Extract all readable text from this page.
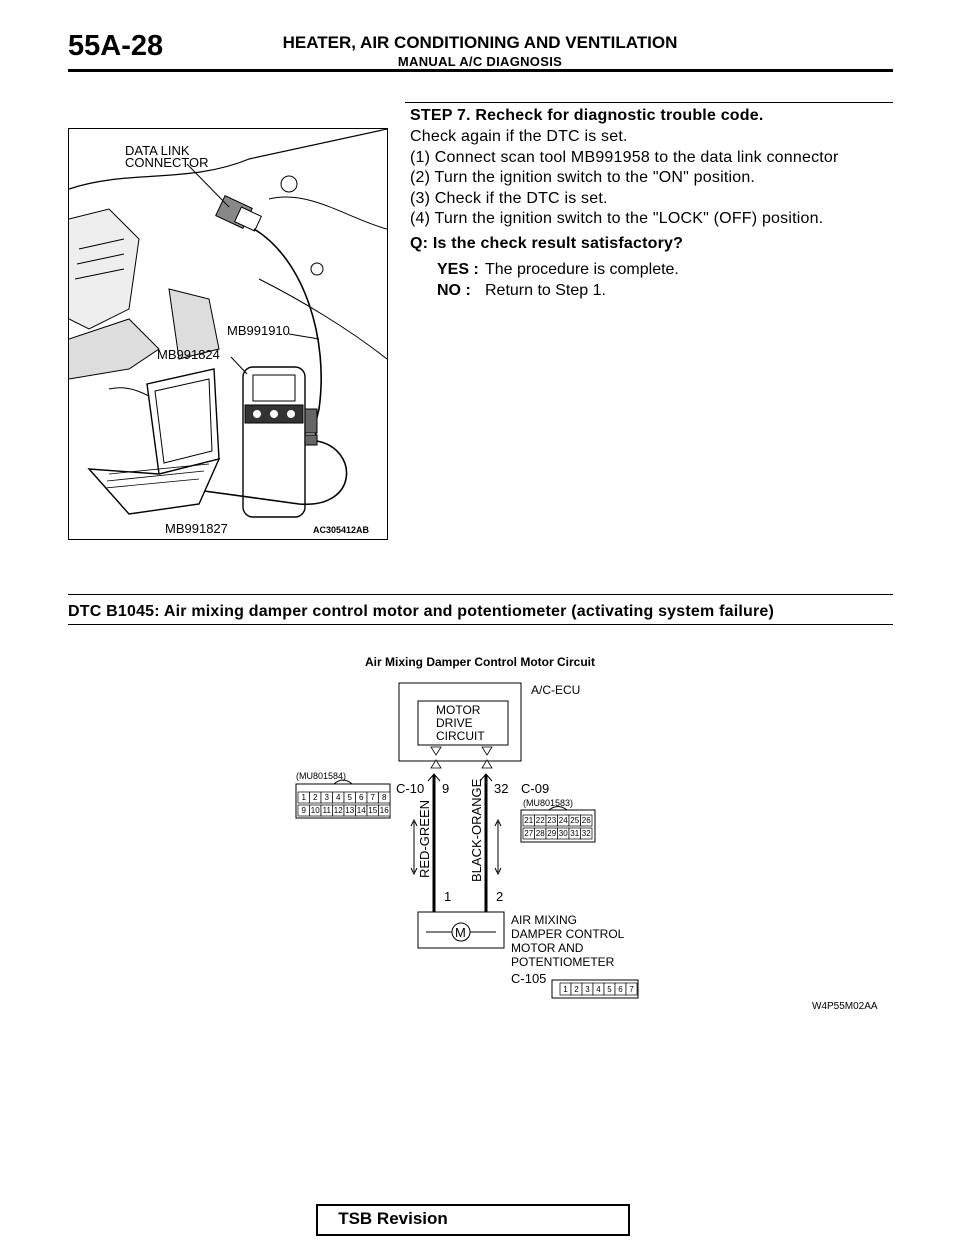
55A-28	HEATER, AIR CONDITIONING AND VENTILATION
MANUAL A/C DIAGNOSIS
STEP 7. Recheck for diagnostic trouble code.
Check again if the DTC is set.
(1) Connect scan tool MB991958 to the data link connector
(2) Turn the ignition switch to the "ON" position.
(3) Check if the DTC is set.
(4) Turn the ignition switch to the "LOCK" (OFF) position.
Q: Is the check result satisfactory?
YES : The procedure is complete.
NO : Return to Step 1.
DATA LINK
CONNECTOR
MB991910
MB991824
MB991827	AC305412AB
DTC B1045: Air mixing damper control motor and potentiometer (activating system failure)
Air Mixing Damper Control Motor Circuit
MOTOR
DRIVE
CIRCUIT
A/C-ECU
RED-GREEN	BLACK-ORANGE
9	32
C-10	C-09
1	2
(MU801584)
1 2 3 4 5 6 7 8
9 10 11 12 13 14 15 16
(MU801583)
21 22 23 24 25 26
27 28 29 30 31 32
M
AIR MIXING
DAMPER CONTROL
MOTOR AND
POTENTIOMETER
C-105
1 2 3 4 5 6 7
W4P55M02AA
TSB Revision
